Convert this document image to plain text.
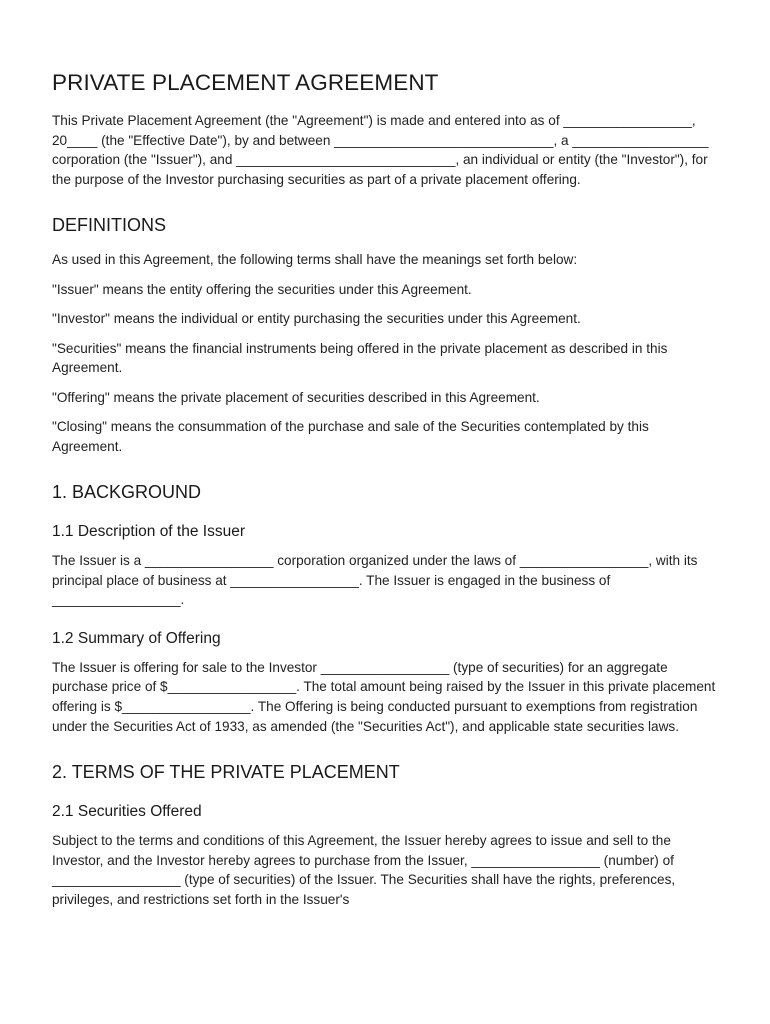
PRIVATE PLACEMENT AGREEMENT

This Private Placement Agreement (the "Agreement") is made and entered into as of _________________, 20____ (the "Effective Date"), by and between _____________________________, a __________________ corporation (the "Issuer"), and _____________________________, an individual or entity (the "Investor"), for the purpose of the Investor purchasing securities as part of a private placement offering.

DEFINITIONS

As used in this Agreement, the following terms shall have the meanings set forth below:

"Issuer" means the entity offering the securities under this Agreement.

"Investor" means the individual or entity purchasing the securities under this Agreement.

"Securities" means the financial instruments being offered in the private placement as described in this Agreement.

"Offering" means the private placement of securities described in this Agreement.

"Closing" means the consummation of the purchase and sale of the Securities contemplated by this Agreement.

1. BACKGROUND
1.1 Description of the Issuer

The Issuer is a _________________ corporation organized under the laws of _________________, with its principal place of business at _________________. The Issuer is engaged in the business of _________________.

1.2 Summary of Offering

The Issuer is offering for sale to the Investor _________________ (type of securities) for an aggregate purchase price of $_________________. The total amount being raised by the Issuer in this private placement offering is $_________________. The Offering is being conducted pursuant to exemptions from registration under the Securities Act of 1933, as amended (the "Securities Act"), and applicable state securities laws.

2. TERMS OF THE PRIVATE PLACEMENT
2.1 Securities Offered

Subject to the terms and conditions of this Agreement, the Issuer hereby agrees to issue and sell to the Investor, and the Investor hereby agrees to purchase from the Issuer, _________________ (number) of _________________ (type of securities) of the Issuer. The Securities shall have the rights, preferences, privileges, and restrictions set forth in the Issuer's
